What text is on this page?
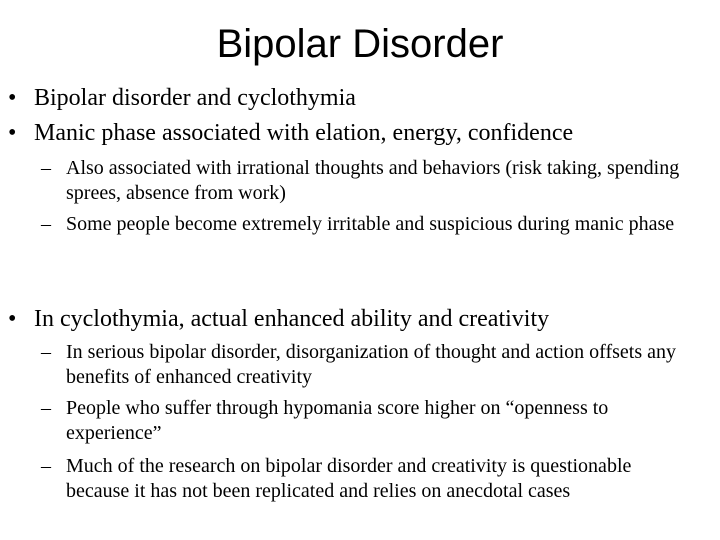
Bipolar Disorder
• Bipolar disorder and cyclothymia
• Manic phase associated with elation, energy, confidence
– Also associated with irrational thoughts and behaviors (risk taking, spending sprees, absence from work)
– Some people become extremely irritable and suspicious during manic phase
• In cyclothymia, actual enhanced ability and creativity
– In serious bipolar disorder, disorganization of thought and action offsets any benefits of enhanced creativity
– People who suffer through hypomania score higher on “openness to experience”
– Much of the research on bipolar disorder and creativity is questionable because it has not been replicated and relies on anecdotal cases
